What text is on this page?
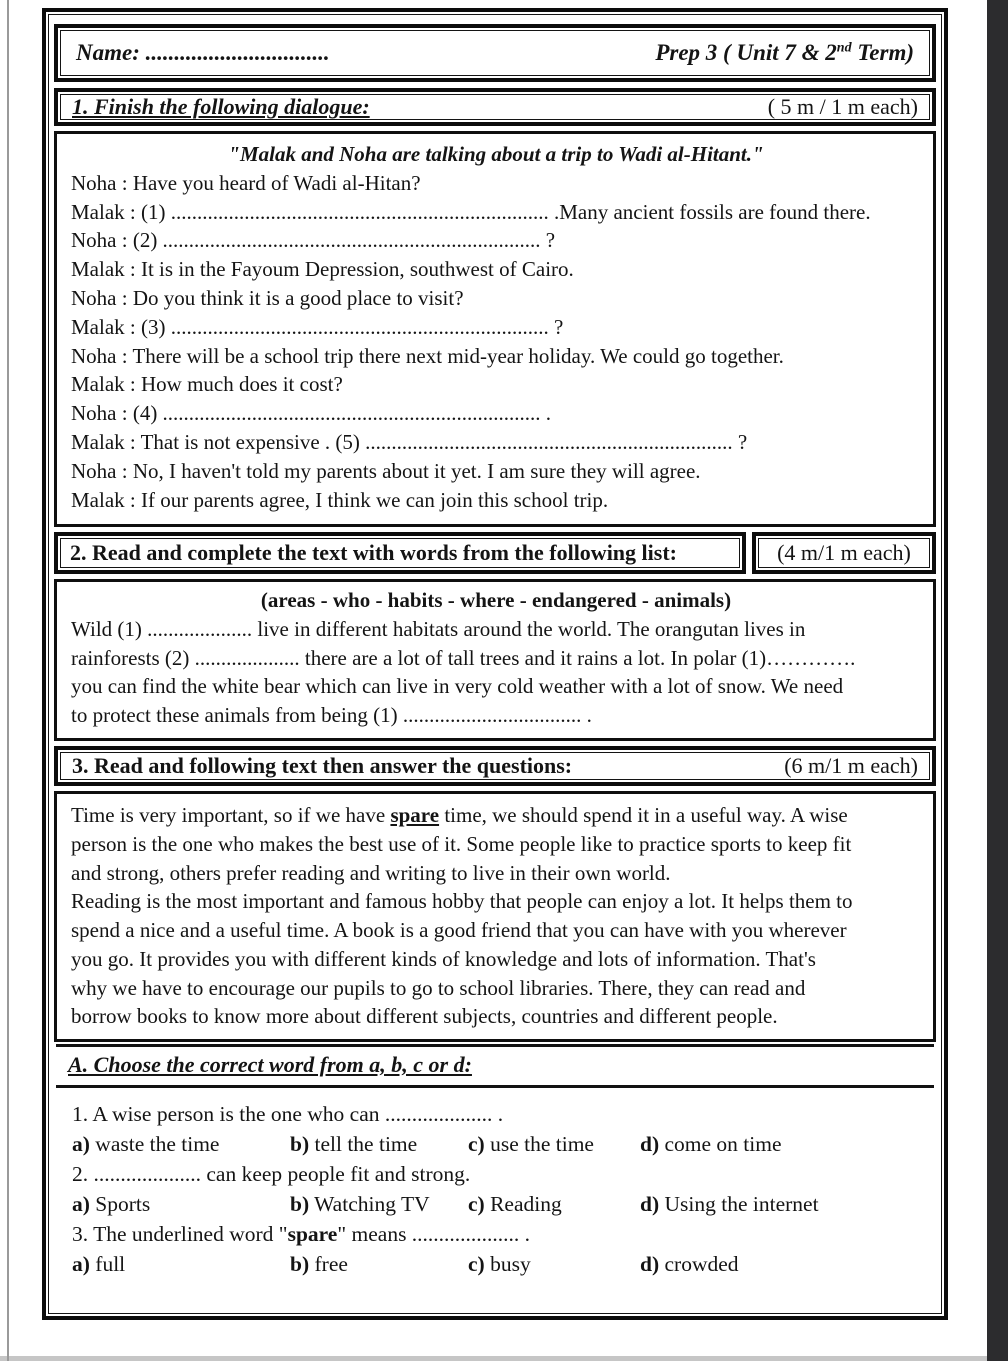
Name: ................................	Prep 3 ( Unit 7 & 2nd Term)
1. Finish the following dialogue:	( 5 m / 1 m each)
"Malak and Noha are talking about a trip to Wadi al-Hitant."
Noha : Have you heard of Wadi al-Hitan?
Malak : (1) ........................................................................ .Many ancient fossils are found there.
Noha : (2) ........................................................................ ?
Malak : It is in the Fayoum Depression, southwest of Cairo.
Noha : Do you think it is a good place to visit?
Malak : (3) ........................................................................ ?
Noha : There will be a school trip there next mid-year holiday. We could go together.
Malak : How much does it cost?
Noha : (4) ........................................................................ .
Malak : That is not expensive . (5) ...................................................................... ?
Noha : No, I haven't told my parents about it yet. I am sure they will agree.
Malak : If our parents agree, I think we can join this school trip.
2. Read and complete the text with words from the following list:	(4 m/1 m each)
(areas - who - habits - where - endangered - animals)
Wild (1) .................... live in different habitats around the world. The orangutan lives in
rainforests (2) .................... there are a lot of tall trees and it rains a lot. In polar (1)………….
you can find the white bear which can live in very cold weather with a lot of snow. We need
to protect these animals from being (1) .................................. .
3. Read and following text then answer the questions:	(6 m/1 m each)
Time is very important, so if we have spare time, we should spend it in a useful way. A wise
person is the one who makes the best use of it. Some people like to practice sports to keep fit
and strong, others prefer reading and writing to live in their own world.
Reading is the most important and famous hobby that people can enjoy a lot. It helps them to
spend a nice and a useful time. A book is a good friend that you can have with you wherever
you go. It provides you with different kinds of knowledge and lots of information. That's
why we have to encourage our pupils to go to school libraries. There, they can read and
borrow books to know more about different subjects, countries and different people.
A. Choose the correct word from a, b, c or d:
1. A wise person is the one who can .................... .
a) waste the time	b) tell the time	c) use the time	d) come on time
2. .................... can keep people fit and strong.
a) Sports	b) Watching TV	c) Reading	d) Using the internet
3. The underlined word "spare" means .................... .
a) full	b) free	c) busy	d) crowded
